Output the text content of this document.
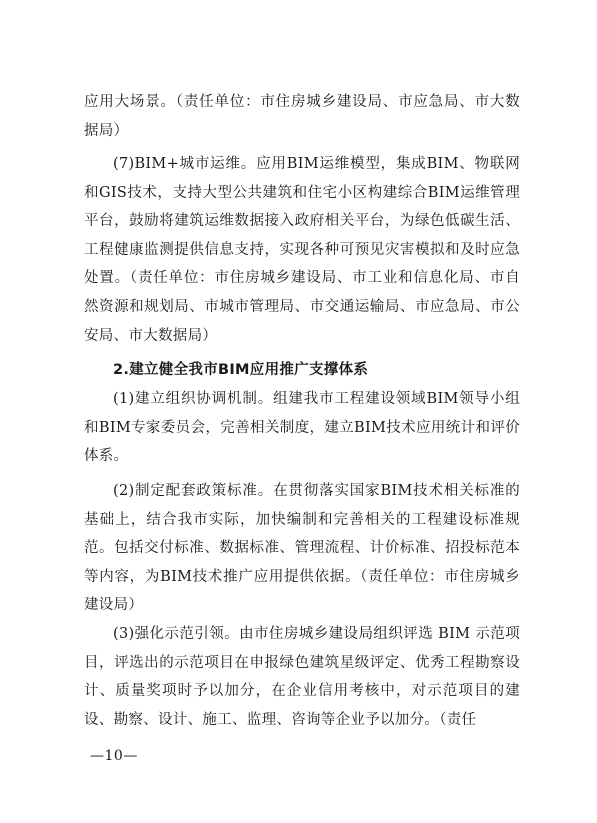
应用大场景。（责任单位：市住房城乡建设局、市应急局、市大数据局）

(7)BIM+城市运维。应用BIM运维模型，集成BIM、物联网和GIS技术，支持大型公共建筑和住宅小区构建综合BIM运维管理平台，鼓励将建筑运维数据接入政府相关平台，为绿色低碳生活、工程健康监测提供信息支持，实现各种可预见灾害模拟和及时应急处置。（责任单位：市住房城乡建设局、市工业和信息化局、市自然资源和规划局、市城市管理局、市交通运输局、市应急局、市公安局、市大数据局）

2.建立健全我市BIM应用推广支撑体系

(1)建立组织协调机制。组建我市工程建设领域BIM领导小组和BIM专家委员会，完善相关制度，建立BIM技术应用统计和评价体系。

(2)制定配套政策标准。在贯彻落实国家BIM技术相关标准的基础上，结合我市实际，加快编制和完善相关的工程建设标准规范。包括交付标准、数据标准、管理流程、计价标准、招投标范本等内容，为BIM技术推广应用提供依据。（责任单位：市住房城乡建设局）

(3)强化示范引领。由市住房城乡建设局组织评选 BIM 示范项目，评选出的示范项目在申报绿色建筑星级评定、优秀工程勘察设计、质量奖项时予以加分，在企业信用考核中，对示范项目的建设、勘察、设计、施工、监理、咨询等企业予以加分。（责任

—10—
